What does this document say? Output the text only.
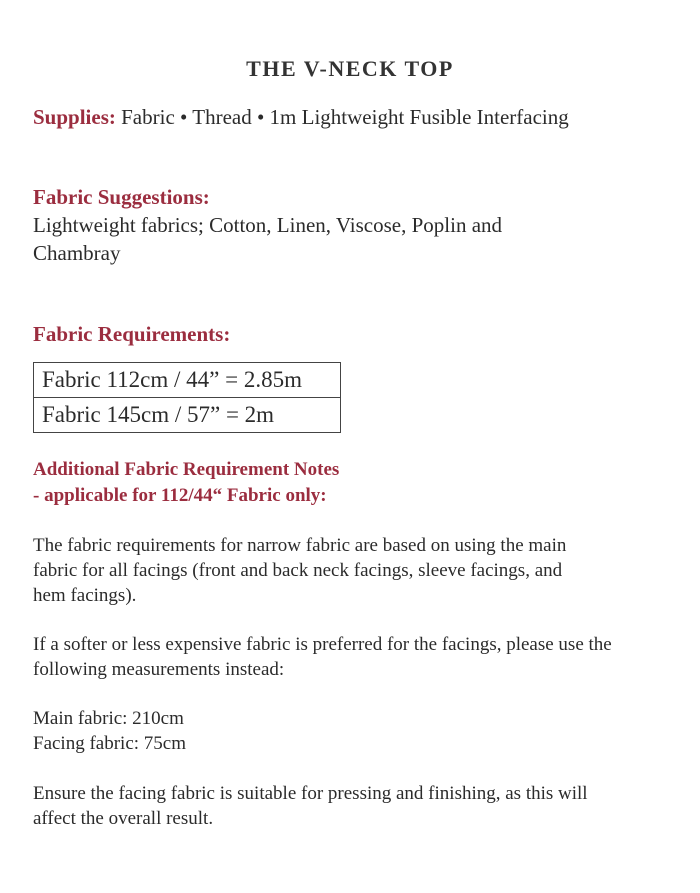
THE V-NECK TOP
Supplies: Fabric • Thread • 1m Lightweight Fusible Interfacing
Fabric Suggestions:
Lightweight fabrics; Cotton, Linen, Viscose, Poplin and Chambray
Fabric Requirements:
Fabric 112cm / 44” = 2.85m
Fabric 145cm / 57” = 2m
Additional Fabric Requirement Notes
- applicable for 112/44“ Fabric only:
The fabric requirements for narrow fabric are based on using the main fabric for all facings (front and back neck facings, sleeve facings, and hem facings).
If a softer or less expensive fabric is preferred for the facings, please use the following measurements instead:
Main fabric: 210cm
Facing fabric: 75cm
Ensure the facing fabric is suitable for pressing and finishing, as this will affect the overall result.
